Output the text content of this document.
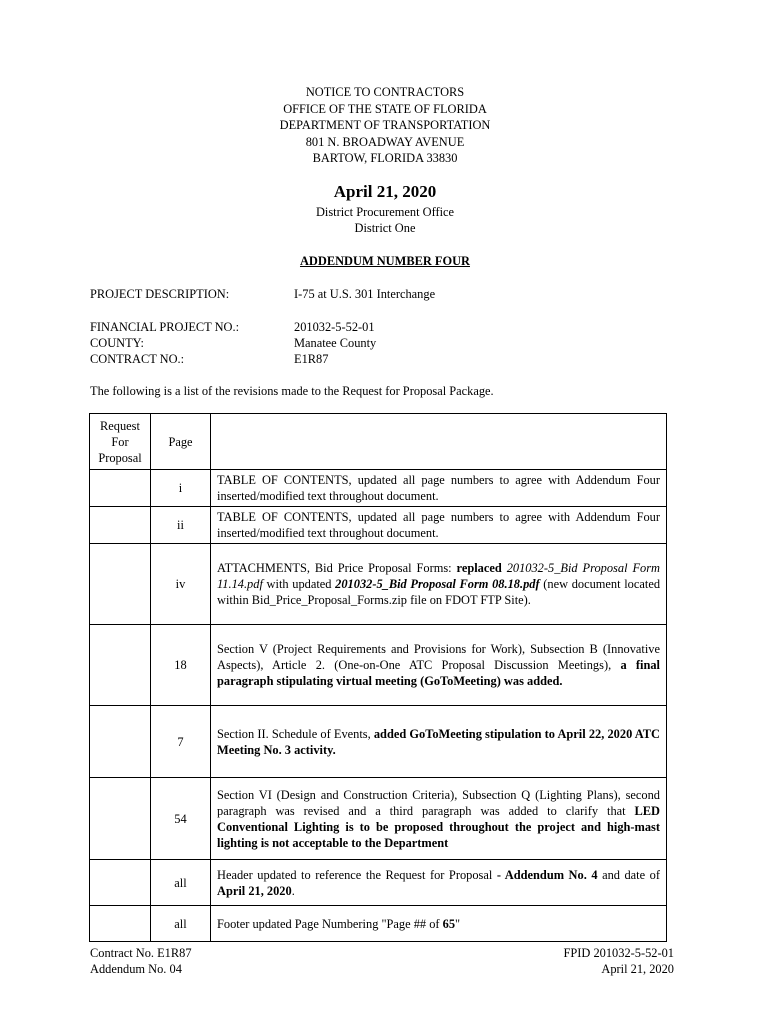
NOTICE TO CONTRACTORS
OFFICE OF THE STATE OF FLORIDA
DEPARTMENT OF TRANSPORTATION
801 N. BROADWAY AVENUE
BARTOW, FLORIDA 33830
April 21, 2020
District Procurement Office
District One
ADDENDUM NUMBER FOUR
PROJECT DESCRIPTION:	I-75 at U.S. 301 Interchange
FINANCIAL PROJECT NO.:	201032-5-52-01
COUNTY:	Manatee County
CONTRACT NO.:	E1R87
The following is a list of the revisions made to the Request for Proposal Package.
Request
For
Proposal	Page	
	i	TABLE OF CONTENTS, updated all page numbers to agree with Addendum Four inserted/modified text throughout document.
	ii	TABLE OF CONTENTS, updated all page numbers to agree with Addendum Four inserted/modified text throughout document.
	iv	ATTACHMENTS, Bid Price Proposal Forms: replaced 201032-5_Bid Proposal Form 11.14.pdf with updated 201032-5_Bid Proposal Form 08.18.pdf (new document located within Bid_Price_Proposal_Forms.zip file on FDOT FTP Site).
	18	Section V (Project Requirements and Provisions for Work), Subsection B (Innovative Aspects), Article 2. (One-on-One ATC Proposal Discussion Meetings), a final paragraph stipulating virtual meeting (GoToMeeting) was added.
	7	Section II. Schedule of Events, added GoToMeeting stipulation to April 22, 2020 ATC Meeting No. 3 activity.
	54	Section VI (Design and Construction Criteria), Subsection Q (Lighting Plans), second paragraph was revised and a third paragraph was added to clarify that LED Conventional Lighting is to be proposed throughout the project and high-mast lighting is not acceptable to the Department
	all	Header updated to reference the Request for Proposal - Addendum No. 4 and date of April 21, 2020.
	all	Footer updated Page Numbering "Page ## of 65"
Contract No. E1R87
Addendum No. 04
FPID 201032-5-52-01
April 21, 2020
